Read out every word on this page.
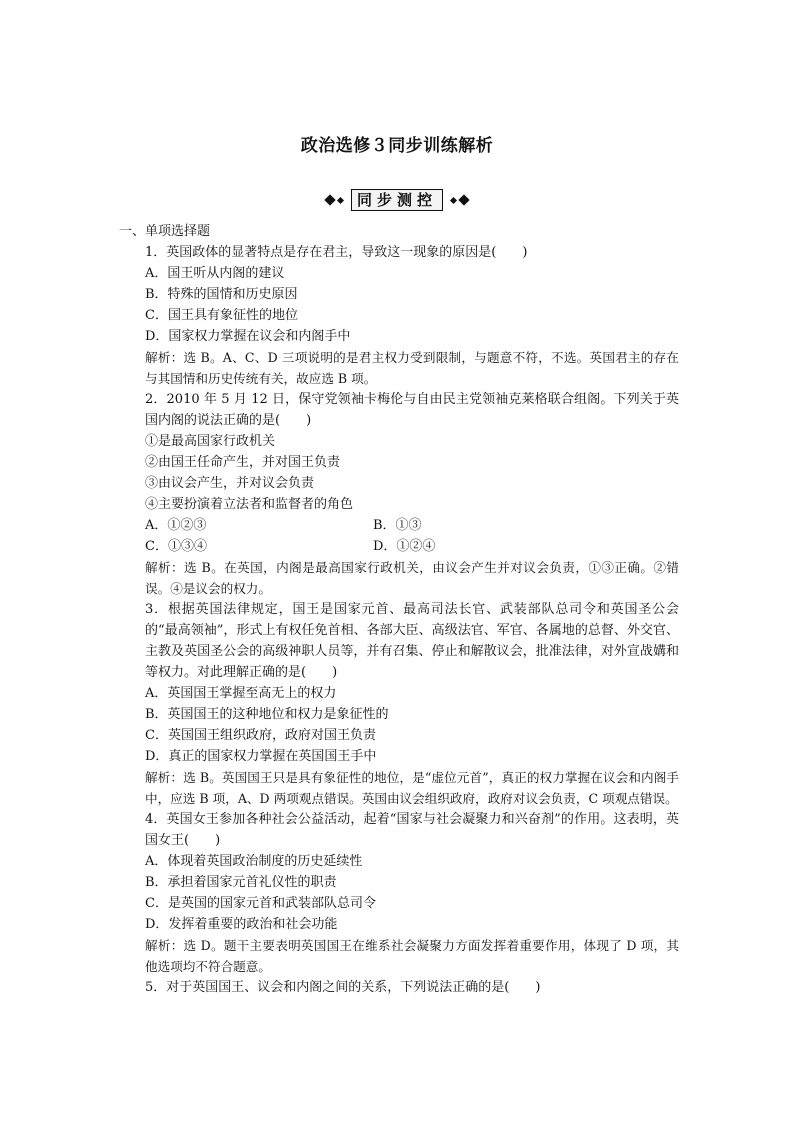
政治选修３同步训练解析
同步测控
一、单项选择题
1．英国政体的显著特点是存在君主，导致这一现象的原因是(　　)
A．国王听从内阁的建议
B．特殊的国情和历史原因
C．国王具有象征性的地位
D．国家权力掌握在议会和内阁手中
解析：选 B。A、C、D 三项说明的是君主权力受到限制，与题意不符，不选。英国君主的存在与其国情和历史传统有关，故应选 B 项。
2．2010 年 5 月 12 日，保守党领袖卡梅伦与自由民主党领袖克莱格联合组阁。下列关于英国内阁的说法正确的是(　　)
①是最高国家行政机关
②由国王任命产生，并对国王负责
③由议会产生，并对议会负责
④主要扮演着立法者和监督者的角色
A．①②③	B．①③
C．①③④	D．①②④
解析：选 B。在英国，内阁是最高国家行政机关，由议会产生并对议会负责，①③正确。②错误。④是议会的权力。
3．根据英国法律规定，国王是国家元首、最高司法长官、武装部队总司令和英国圣公会的“最高领袖”，形式上有权任免首相、各部大臣、高级法官、军官、各属地的总督、外交官、主教及英国圣公会的高级神职人员等，并有召集、停止和解散议会，批准法律，对外宣战媾和等权力。对此理解正确的是(　　)
A．英国国王掌握至高无上的权力
B．英国国王的这种地位和权力是象征性的
C．英国国王组织政府，政府对国王负责
D．真正的国家权力掌握在英国国王手中
解析：选 B。英国国王只是具有象征性的地位，是“虚位元首”，真正的权力掌握在议会和内阁手中，应选 B 项，A、D 两项观点错误。英国由议会组织政府，政府对议会负责，C 项观点错误。
4．英国女王参加各种社会公益活动，起着“国家与社会凝聚力和兴奋剂”的作用。这表明，英国女王(　　)
A．体现着英国政治制度的历史延续性
B．承担着国家元首礼仪性的职责
C．是英国的国家元首和武装部队总司令
D．发挥着重要的政治和社会功能
解析：选 D。题干主要表明英国国王在维系社会凝聚力方面发挥着重要作用，体现了 D 项，其他选项均不符合题意。
5．对于英国国王、议会和内阁之间的关系，下列说法正确的是(　　)
